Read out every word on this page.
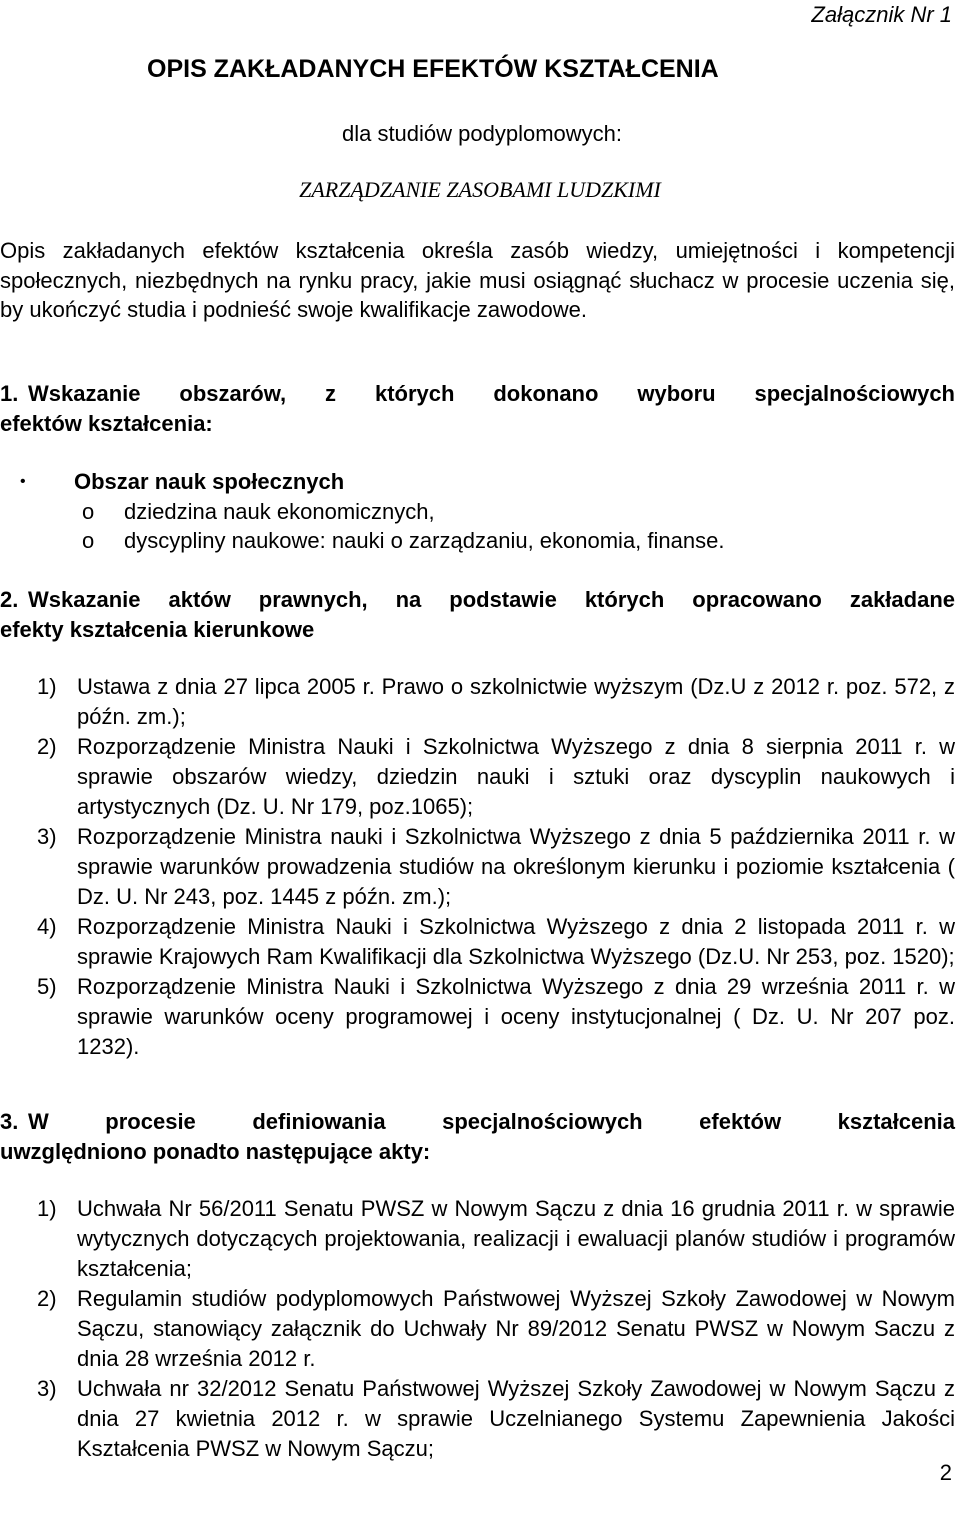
Załącznik Nr 1
OPIS ZAKŁADANYCH EFEKTÓW KSZTAŁCENIA
dla studiów podyplomowych:
ZARZĄDZANIE ZASOBAMI LUDZKIMI
Opis zakładanych efektów kształcenia określa zasób wiedzy, umiejętności i kompetencji społecznych, niezbędnych na rynku pracy, jakie musi osiągnąć słuchacz w procesie uczenia się, by ukończyć studia i podnieść swoje kwalifikacje zawodowe.

1. Wskazanie obszarów, z których dokonano wyboru specjalnościowych

efektów kształcenia:

•	Obszar nauk społecznych
o	dziedzina nauk ekonomicznych,
o	dyscypliny naukowe: nauki o zarządzaniu, ekonomia, finanse.

2. Wskazanie aktów prawnych, na podstawie których opracowano zakładane

efekty kształcenia kierunkowe

1) Ustawa z dnia 27 lipca 2005 r. Prawo o szkolnictwie wyższym (Dz.U z 2012 r. poz. 572, z późn. zm.);
2) Rozporządzenie Ministra Nauki i Szkolnictwa Wyższego z dnia 8 sierpnia 2011 r. w sprawie obszarów wiedzy, dziedzin nauki i sztuki oraz dyscyplin naukowych i artystycznych (Dz. U. Nr 179, poz.1065);
3) Rozporządzenie Ministra nauki i Szkolnictwa Wyższego z dnia 5 października 2011 r. w sprawie warunków prowadzenia studiów na określonym kierunku i poziomie kształcenia ( Dz. U. Nr 243, poz. 1445 z późn. zm.);
4) Rozporządzenie Ministra Nauki i Szkolnictwa Wyższego z dnia 2 listopada 2011 r. w sprawie Krajowych Ram Kwalifikacji dla Szkolnictwa Wyższego (Dz.U. Nr 253, poz. 1520);
5) Rozporządzenie Ministra Nauki i Szkolnictwa Wyższego z dnia 29 września 2011 r. w sprawie warunków oceny programowej i oceny instytucjonalnej ( Dz. U. Nr 207 poz. 1232).

3. W procesie definiowania specjalnościowych efektów kształcenia

uwzględniono ponadto następujące akty:

1) Uchwała Nr 56/2011 Senatu PWSZ w Nowym Sączu z dnia 16 grudnia 2011 r. w sprawie wytycznych dotyczących projektowania, realizacji i ewaluacji planów studiów i programów kształcenia;
2) Regulamin studiów podyplomowych Państwowej Wyższej Szkoły Zawodowej w Nowym Sączu, stanowiący załącznik do Uchwały Nr 89/2012 Senatu PWSZ w Nowym Saczu z dnia 28 września 2012 r.
3) Uchwała nr 32/2012 Senatu Państwowej Wyższej Szkoły Zawodowej w Nowym Sączu z dnia 27 kwietnia 2012 r. w sprawie Uczelnianego Systemu Zapewnienia Jakości Kształcenia PWSZ w Nowym Sączu;
2
